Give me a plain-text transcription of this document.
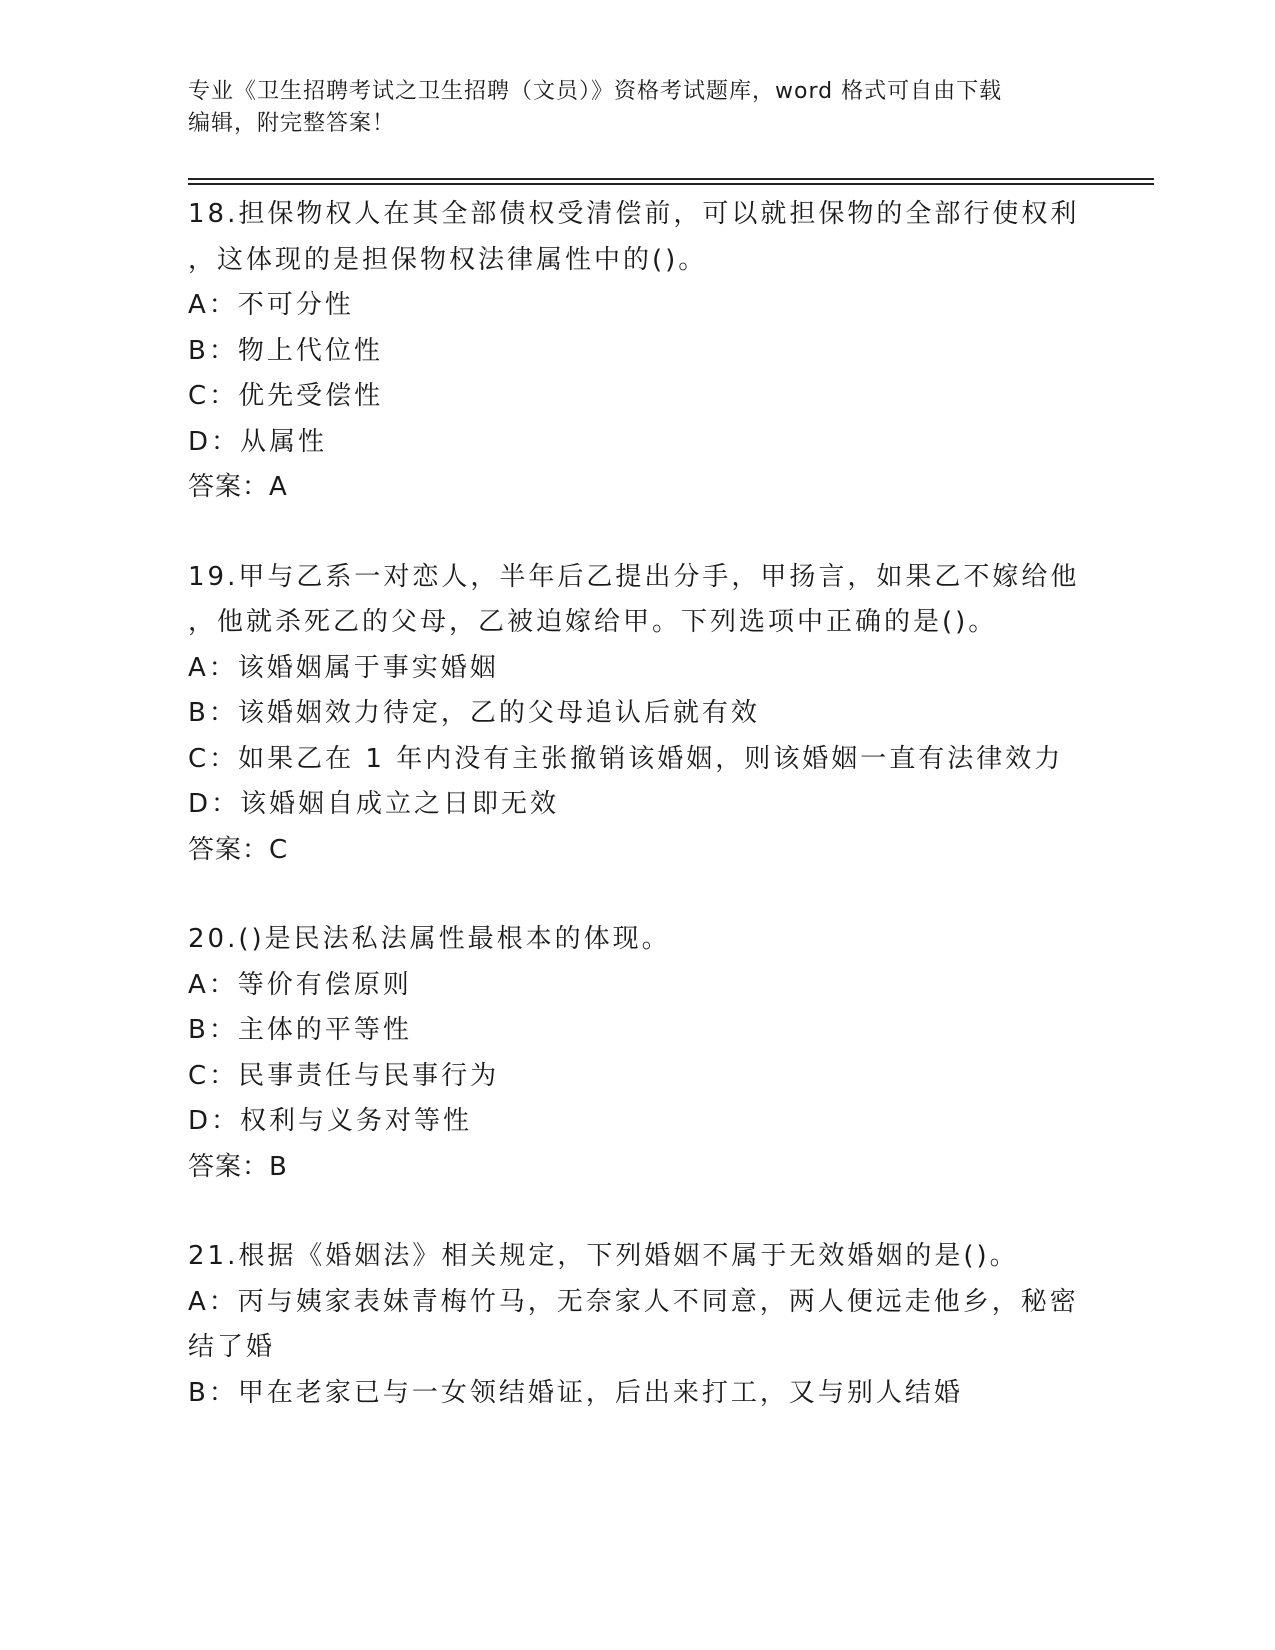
专业《卫生招聘考试之卫生招聘（文员）》资格考试题库，word 格式可自由下载
编辑，附完整答案！
18.担保物权人在其全部债权受清偿前，可以就担保物的全部行使权利
，这体现的是担保物权法律属性中的()。
A：不可分性
B：物上代位性
C：优先受偿性
D：从属性
答案：A
19.甲与乙系一对恋人，半年后乙提出分手，甲扬言，如果乙不嫁给他
，他就杀死乙的父母，乙被迫嫁给甲。下列选项中正确的是()。
A：该婚姻属于事实婚姻
B：该婚姻效力待定，乙的父母追认后就有效
C：如果乙在 1 年内没有主张撤销该婚姻，则该婚姻一直有法律效力
D：该婚姻自成立之日即无效
答案：C
20.()是民法私法属性最根本的体现。
A：等价有偿原则
B：主体的平等性
C：民事责任与民事行为
D：权利与义务对等性
答案：B
21.根据《婚姻法》相关规定，下列婚姻不属于无效婚姻的是()。
A：丙与姨家表妹青梅竹马，无奈家人不同意，两人便远走他乡，秘密
结了婚
B：甲在老家已与一女领结婚证，后出来打工，又与别人结婚
